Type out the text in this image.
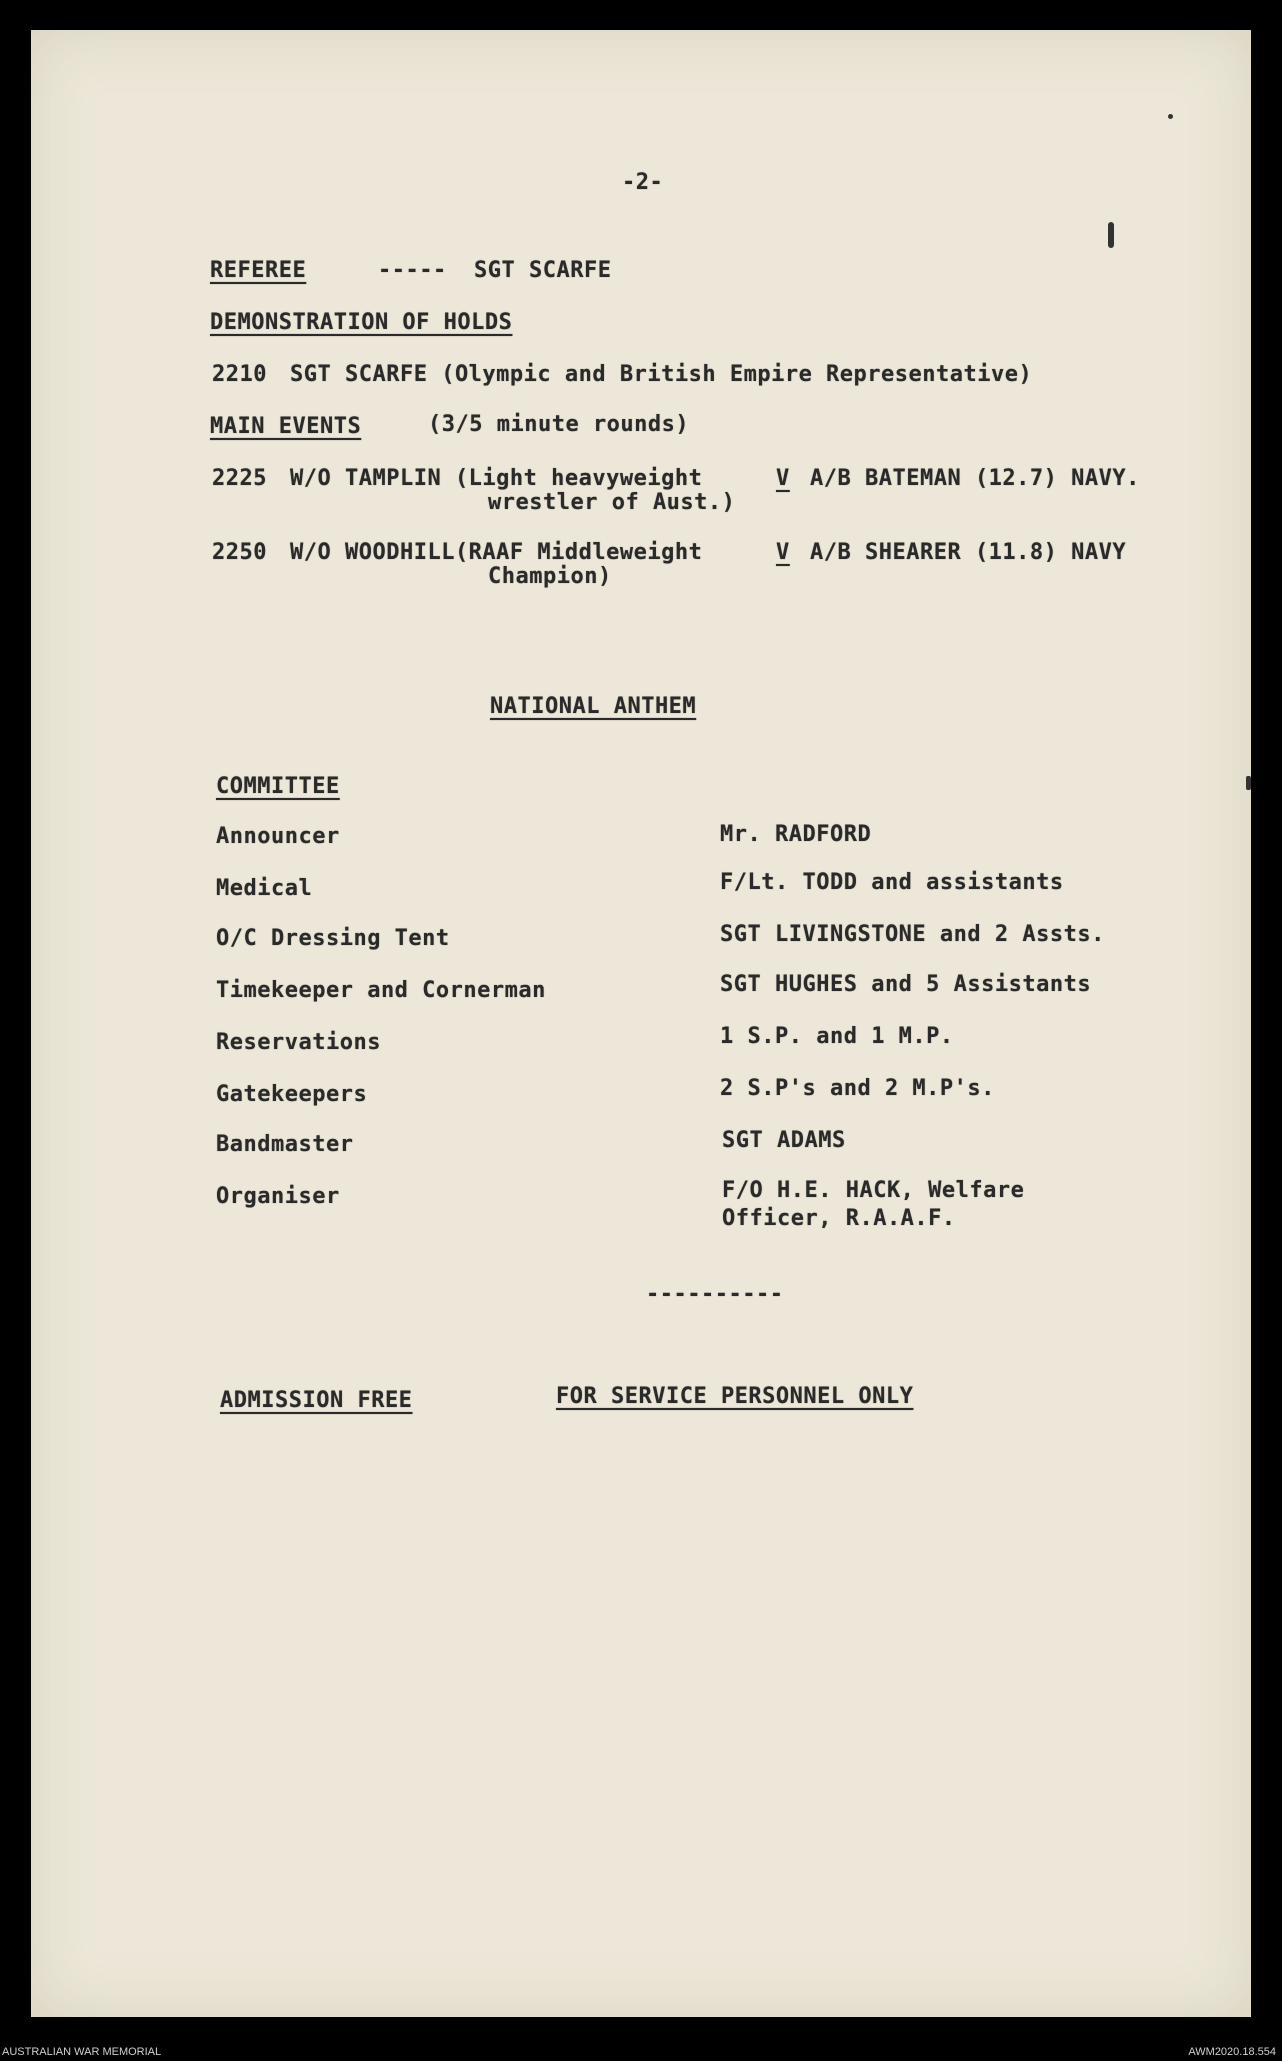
-2-
REFEREE	----- SGT SCARFE
DEMONSTRATION OF HOLDS
2210 SGT SCARFE (Olympic and British Empire Representative)
MAIN EVENTS	(3/5 minute rounds)
2225 W/O TAMPLIN (Light heavyweight
wrestler of Aust.)
V A/B BATEMAN (12.7) NAVY.
2250 W/O WOODHILL(RAAF Middleweight
Champion)
V A/B SHEARER (11.8) NAVY
NATIONAL ANTHEM
COMMITTEE
Announcer	Mr. RADFORD
Medical	F/Lt. TODD and assistants
O/C Dressing Tent	SGT LIVINGSTONE and 2 Assts.
Timekeeper and Cornerman	SGT HUGHES and 5 Assistants
Reservations	1 S.P. and 1 M.P.
Gatekeepers	2 S.P's and 2 M.P's.
Bandmaster	SGT ADAMS
Organiser	F/O H.E. HACK, Welfare
Officer, R.A.A.F.
----------
ADMISSION FREE	FOR SERVICE PERSONNEL ONLY
AUSTRALIAN WAR MEMORIAL	AWM2020.18.554
